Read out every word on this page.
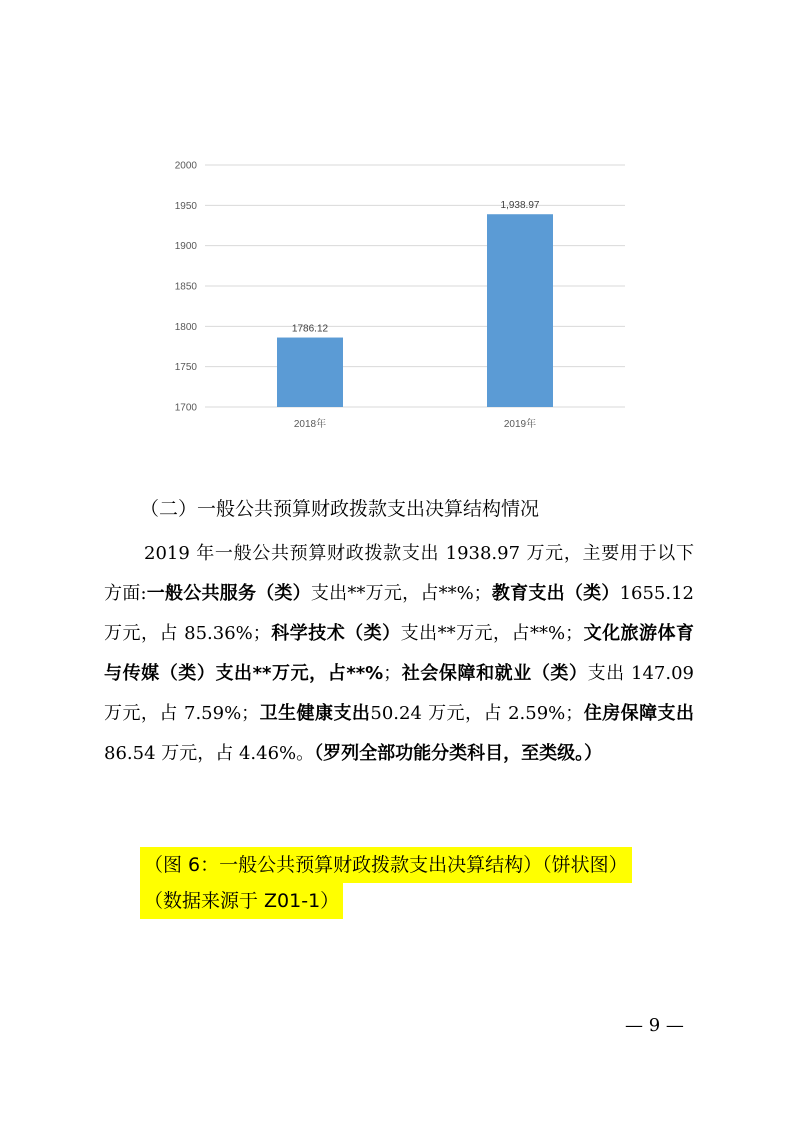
1700
1750
1800
1850
1900
1950
2000
1786.12
2018年
1,938.97
2019年
（二）一般公共预算财政拨款支出决算结构情况
2019 年一般公共预算财政拨款支出 1938.97 万元，主要用于以下方面:一般公共服务（类）支出**万元，占**%；教育支出（类）1655.12 万元，占 85.36%；科学技术（类）支出**万元，占**%；文化旅游体育与传媒（类）支出**万元，占**%；社会保障和就业（类）支出 147.09 万元，占 7.59%；卫生健康支出50.24 万元，占 2.59%；住房保障支出86.54 万元，占 4.46%。（罗列全部功能分类科目，至类级。）
（图 6：一般公共预算财政拨款支出决算结构）（饼状图）
（数据来源于 Z01-1）
— 9 —
